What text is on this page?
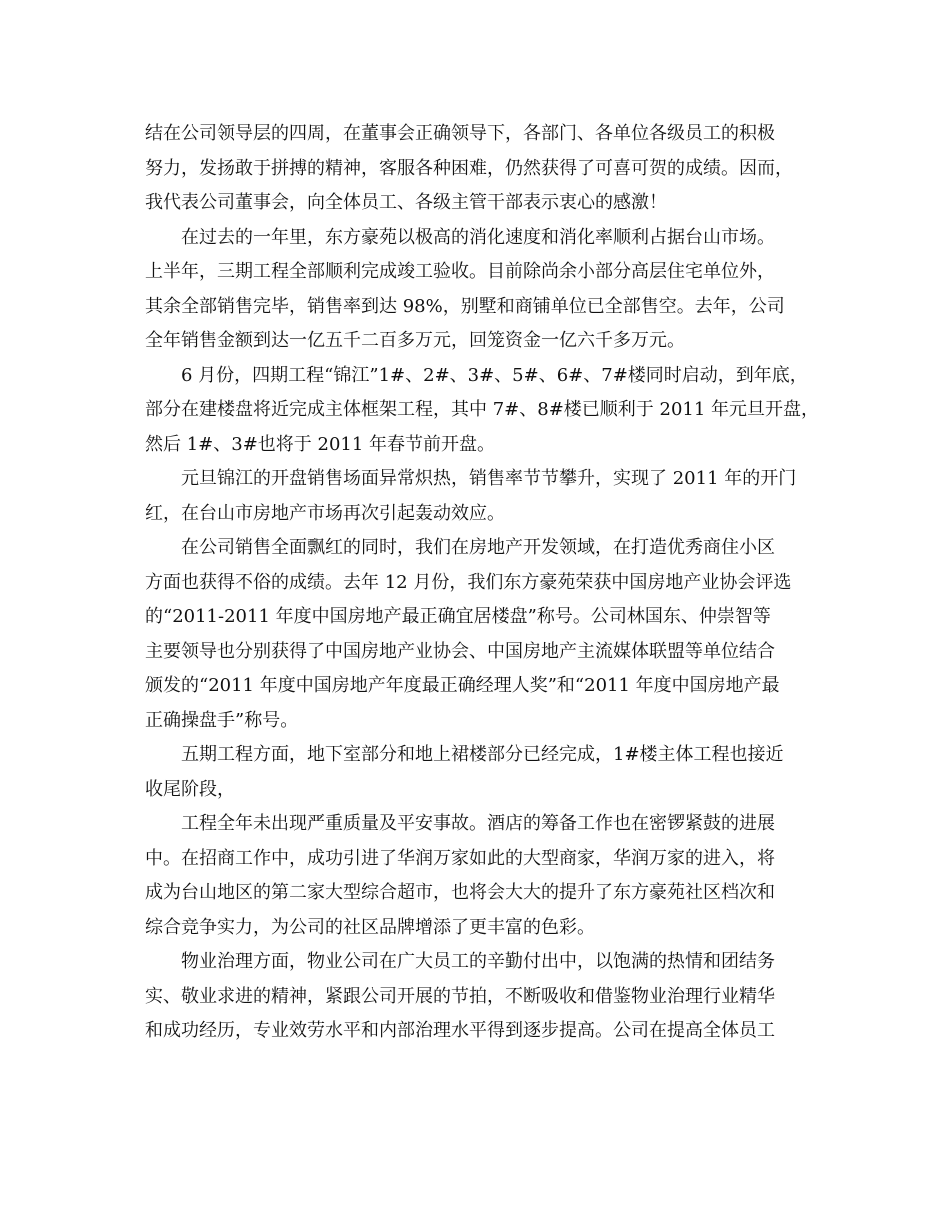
结在公司领导层的四周，在董事会正确领导下，各部门、各单位各级员工的积极
努力，发扬敢于拼搏的精神，客服各种困难，仍然获得了可喜可贺的成绩。因而，
我代表公司董事会，向全体员工、各级主管干部表示衷心的感激！
在过去的一年里，东方豪苑以极高的消化速度和消化率顺利占据台山市场。
上半年，三期工程全部顺利完成竣工验收。目前除尚余小部分高层住宅单位外，
其余全部销售完毕，销售率到达 98%，别墅和商铺单位已全部售空。去年，公司
全年销售金额到达一亿五千二百多万元，回笼资金一亿六千多万元。
6 月份，四期工程“锦江”1#、2#、3#、5#、6#、7#楼同时启动，到年底，
部分在建楼盘将近完成主体框架工程，其中 7#、8#楼已顺利于 2011 年元旦开盘，
然后 1#、3#也将于 2011 年春节前开盘。
元旦锦江的开盘销售场面异常炽热，销售率节节攀升，实现了 2011 年的开门
红，在台山市房地产市场再次引起轰动效应。
在公司销售全面飘红的同时，我们在房地产开发领域，在打造优秀商住小区
方面也获得不俗的成绩。去年 12 月份，我们东方豪苑荣获中国房地产业协会评选
的“2011-2011 年度中国房地产最正确宜居楼盘”称号。公司林国东、仲崇智等
主要领导也分别获得了中国房地产业协会、中国房地产主流媒体联盟等单位结合
颁发的“2011 年度中国房地产年度最正确经理人奖”和“2011 年度中国房地产最
正确操盘手”称号。
五期工程方面，地下室部分和地上裙楼部分已经完成，1#楼主体工程也接近
收尾阶段，
工程全年未出现严重质量及平安事故。酒店的筹备工作也在密锣紧鼓的进展
中。在招商工作中，成功引进了华润万家如此的大型商家，华润万家的进入，将
成为台山地区的第二家大型综合超市，也将会大大的提升了东方豪苑社区档次和
综合竞争实力，为公司的社区品牌增添了更丰富的色彩。
物业治理方面，物业公司在广大员工的辛勤付出中，以饱满的热情和团结务
实、敬业求进的精神，紧跟公司开展的节拍，不断吸收和借鉴物业治理行业精华
和成功经历，专业效劳水平和内部治理水平得到逐步提高。公司在提高全体员工
